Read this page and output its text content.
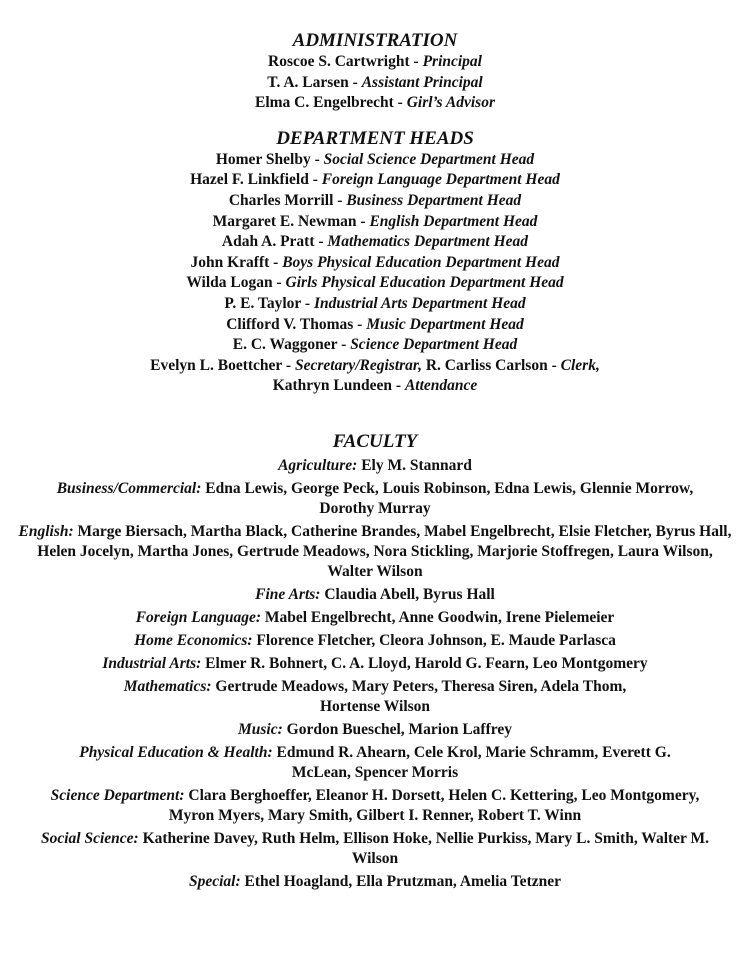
ADMINISTRATION

Roscoe S. Cartwright - Principal

T. A. Larsen - Assistant Principal

Elma C. Engelbrecht - Girl’s Advisor

DEPARTMENT HEADS

Homer Shelby - Social Science Department Head

Hazel F. Linkfield - Foreign Language Department Head

Charles Morrill - Business Department Head

Margaret E. Newman - English Department Head

Adah A. Pratt - Mathematics Department Head

John Krafft - Boys Physical Education Department Head

Wilda Logan - Girls Physical Education Department Head

P. E. Taylor - Industrial Arts Department Head

Clifford V. Thomas - Music Department Head

E. C. Waggoner - Science Department Head

Evelyn L. Boettcher - Secretary/Registrar, R. Carliss Carlson - Clerk,

Kathryn Lundeen - Attendance

FACULTY

Agriculture: Ely M. Stannard

Business/Commercial: Edna Lewis, George Peck, Louis Robinson, Edna Lewis, Glennie Morrow, Dorothy Murray

English: Marge Biersach, Martha Black, Catherine Brandes, Mabel Engelbrecht, Elsie Fletcher, Byrus Hall, Helen Jocelyn, Martha Jones, Gertrude Meadows, Nora Stickling, Marjorie Stoffregen, Laura Wilson, Walter Wilson

Fine Arts: Claudia Abell, Byrus Hall

Foreign Language: Mabel Engelbrecht, Anne Goodwin, Irene Pielemeier

Home Economics: Florence Fletcher, Cleora Johnson, E. Maude Parlasca

Industrial Arts: Elmer R. Bohnert, C. A. Lloyd, Harold G. Fearn, Leo Montgomery

Mathematics: Gertrude Meadows, Mary Peters, Theresa Siren, Adela Thom, Hortense Wilson

Music: Gordon Bueschel, Marion Laffrey

Physical Education & Health: Edmund R. Ahearn, Cele Krol, Marie Schramm, Everett G. McLean, Spencer Morris

Science Department: Clara Berghoeffer, Eleanor H. Dorsett, Helen C. Kettering, Leo Montgomery, Myron Myers, Mary Smith, Gilbert I. Renner, Robert T. Winn

Social Science: Katherine Davey, Ruth Helm, Ellison Hoke, Nellie Purkiss, Mary L. Smith, Walter M. Wilson

Special: Ethel Hoagland, Ella Prutzman, Amelia Tetzner
